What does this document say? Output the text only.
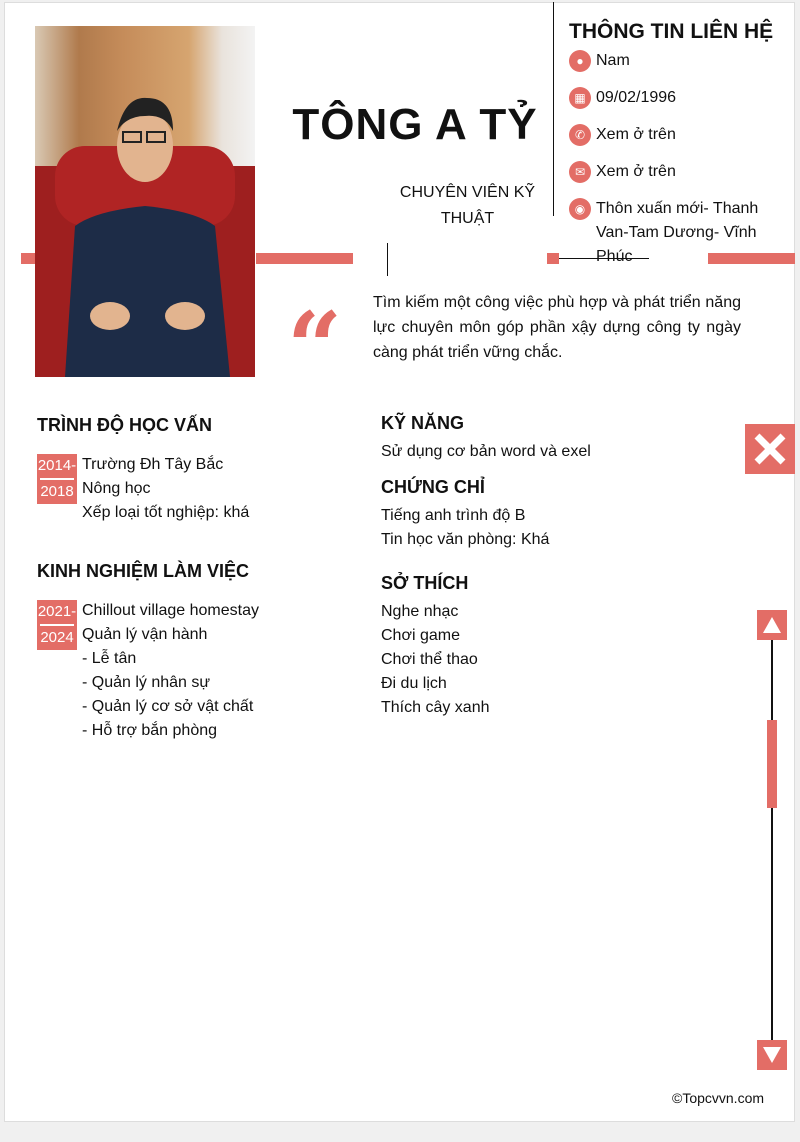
TÔNG A TỶ
CHUYÊN VIÊN KỸ THUẬT
THÔNG TIN LIÊN HỆ
● Nam
▦ 09/02/1996
✆ Xem ở trên
✉ Xem ở trên
◉ Thôn xuấn mới- Thanh Van-Tam Dương- Vĩnh Phúc
“ Tìm kiếm một công việc phù hợp và phát triển năng lực chuyên môn góp phần xậy dựng công ty ngày càng phát triển vững chắc.
TRÌNH ĐỘ HỌC VẤN
2014-
2018
Trường Đh Tây Bắc
Nông học
Xếp loại tốt nghiệp: khá
KINH NGHIỆM LÀM VIỆC
2021-
2024
Chillout village homestay
Quản lý vận hành
- Lễ tân
- Quản lý nhân sự
- Quản lý cơ sở vật chất
- Hỗ trợ bắn phòng
KỸ NĂNG
Sử dụng cơ bản word và exel
CHỨNG CHỈ
Tiếng anh trình độ B
Tin học văn phòng: Khá
SỞ THÍCH
Nghe nhạc
Chơi game
Chơi thể thao
Đi du lịch
Thích cây xanh
©Topcvvn.com
